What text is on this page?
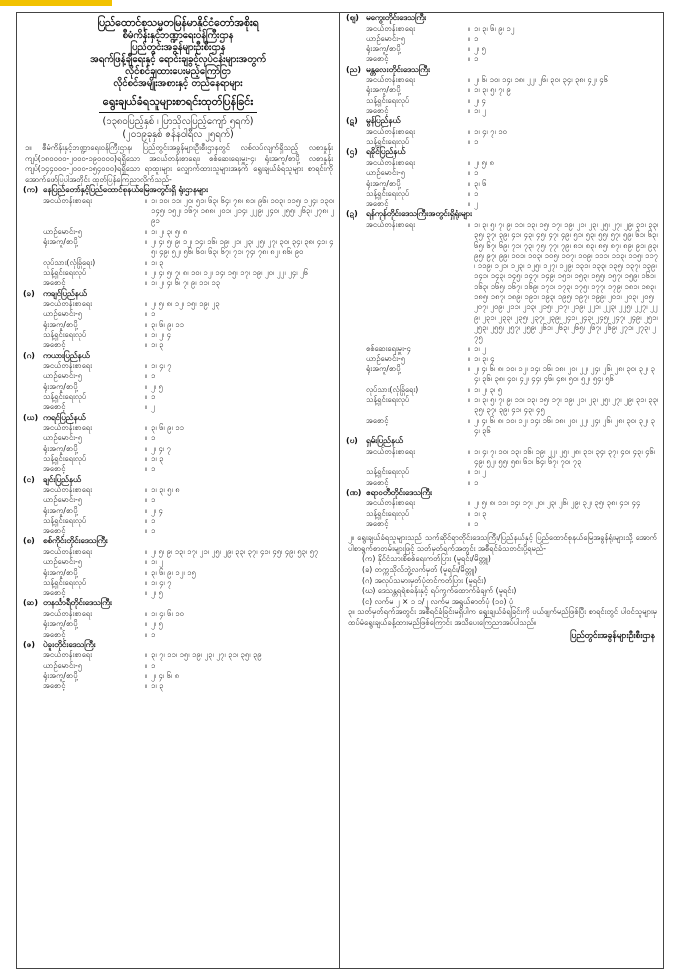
ပြည်ထောင်စုသမ္မတမြန်မာနိုင်ငံတော်အစိုးရ
စီမံကိန်းနှင့်ဘဏ္ဍာရေးဝန်ကြီးဌာန
ပြည်တွင်းအခွန်များဦးစီးဌာန
အရက်ဖြန့်ချီရေးနှင့် ရောင်းချခွင့်လုပ်ငန်းများအတွက်
လိုင်စင်ချထားပေးမည့်ကြော်ငြာ
လိုင်စင်အမျိုးအစားနှင့် တည်နေရာများ
ရွေးချယ်ခံရသူများစာရင်းထုတ်ပြန်ခြင်း
(၁၃၈၀ပြည့်နှစ် ၊ ပြာသိုလပြည့်ကျော် ၅ရက်)
(၂၀၁၉ခုနှစ် ဇန်နဝါရီလ ၂၅ရက်)
၁။ စီမံကိန်းနှင့်ဘဏ္ဍာရေးဝန်ကြီးဌာန၊ ပြည်တွင်းအခွန်များဦးစီးဌာနတွင် လစ်လပ်လျက်ရှိသည့် လစာနှုန်းကျပ်(၁၈၀၀၀၀-၂၀၀၀-၁၉၀၀၀၀)ရရှိသော အငယ်တန်းစာရေး၊ စစ်ဆေးရေးမှူး-၄၊ ရုံးအကူ/စာပို့ လစာနှုန်းကျပ်(၁၄၄၀၀၀-၂၀၀၀-၁၅၄၀၀၀)ရရှိသော ရာထူးများ လျှောက်ထားသူများအနက် ရွေးချယ်ခံရသူများ စာရင်းကို အောက်ဖော်ပြပါအတိုင်း ထုတ်ပြန်ကြေညာလိုက်သည်-
(က) နေပြည်တော်နှင့်ပြည်ထောင်စုနယ်မြေအတွင်းရှိ ရုံးဌာနများ
အငယ်တန်းစာရေး	။ ၁၊ ၁၀၊ ၁၁၊ ၂၀၊ ၅၁၊ ၆၃၊ ၆၄၊ ၇၈၊ ၈၁၊ ၉၆၊ ၁၀၃၊ ၁၁၅၊ ၁၂၄၊ ၁၃၀၊ ၁၄၅၊ ၁၅၂၊ ၁၆၇၊ ၁၈၈၊ ၂၀၁၊ ၂၁၄၊ ၂၂၉၊ ၂၄၀၊ ၂၅၅၊ ၂၆၃၊ ၂၇၈၊ ၂၉၁
ယာဉ်မောင်း-၅	။ ၁၊ ၂၊ ၃၊ ၅၊ ၈
ရုံးအကူ/စာပို့	။ ၂၊ ၄၊ ၅၊ ၉၊ ၁၂၊ ၁၄၊ ၁၆၊ ၁၉၊ ၂၁၊ ၂၃၊ ၂၅၊ ၂၇၊ ၃၀၊ ၃၄၊ ၃၈၊ ၄၁၊ ၄၅၊ ၄၉၊ ၅၂၊ ၅၆၊ ၆၀၊ ၆၃၊ ၆၇၊ ၇၁၊ ၇၄၊ ၇၈၊ ၈၂၊ ၈၆၊ ၉၀
လုပ်သား(လုံခြုံရေး)	။ ၁၊ ၃
သန့်ရှင်းရေးလုပ်	။ ၂၊ ၄၊ ၅၊ ၇၊ ၈၊ ၁၀၊ ၁၂၊ ၁၄၊ ၁၅၊ ၁၇၊ ၁၉၊ ၂၀၊ ၂၂၊ ၂၄၊ ၂၆
အစောင့်	။ ၁၊ ၂၊ ၄၊ ၆၊ ၇၊ ၉၊ ၁၁၊ ၁၃
(ခ)	ကချင်ပြည်နယ်
အငယ်တန်းစာရေး	။ ၂၊ ၅၊ ၈၊ ၁၂၊ ၁၅၊ ၁၉၊ ၂၃
ယာဉ်မောင်း-၅	။ ၁
ရုံးအကူ/စာပို့	။ ၃၊ ၆၊ ၉၊ ၁၁
သန့်ရှင်းရေးလုပ်	။ ၁၊ ၂၊ ၄
အစောင့်	။ ၁၊ ၃
(ဂ)	ကယားပြည်နယ်
အငယ်တန်းစာရေး	။ ၁၊ ၄၊ ၇
ယာဉ်မောင်း-၅	။ ၁
ရုံးအကူ/စာပို့	။ ၂၊ ၅
သန့်ရှင်းရေးလုပ်	။ ၁
အစောင့်	။ ၂
(ဃ) ကရင်ပြည်နယ်
အငယ်တန်းစာရေး	။ ၃၊ ၆၊ ၉၊ ၁၁
ယာဉ်မောင်း-၅	။ ၁
ရုံးအကူ/စာပို့	။ ၂၊ ၄၊ ၇
သန့်ရှင်းရေးလုပ်	။ ၁၊ ၃
အစောင့်	။ ၁
(င)	ချင်းပြည်နယ်
အငယ်တန်းစာရေး	။ ၁၊ ၃၊ ၅၊ ၈
ယာဉ်မောင်း-၅	။ ၁
ရုံးအကူ/စာပို့	။ ၂၊ ၄
သန့်ရှင်းရေးလုပ်	။ ၁
အစောင့်	။ ၁
(စ)	စစ်ကိုင်းတိုင်းဒေသကြီး
အငယ်တန်းစာရေး	။ ၂၊ ၅၊ ၉၊ ၁၃၊ ၁၇၊ ၂၁၊ ၂၅၊ ၂၉၊ ၃၃၊ ၃၇၊ ၄၁၊ ၄၅၊ ၄၉၊ ၅၃၊ ၅၇
ယာဉ်မောင်း-၅	။ ၁၊ ၂
ရုံးအကူ/စာပို့	။ ၃၊ ၆၊ ၉၊ ၁၂၊ ၁၅
သန့်ရှင်းရေးလုပ်	။ ၁၊ ၄၊ ၇
အစောင့်	။ ၂၊ ၅
(ဆ) တနင်္သာရီတိုင်းဒေသကြီး
အငယ်တန်းစာရေး	။ ၁၊ ၄၊ ၆၊ ၁၀
ရုံးအကူ/စာပို့	။ ၂၊ ၅
အစောင့်	။ ၁
(ဇ) ပဲခူးတိုင်းဒေသကြီး
အငယ်တန်းစာရေး	။ ၃၊ ၇၊ ၁၁၊ ၁၅၊ ၁၉၊ ၂၃၊ ၂၇၊ ၃၁၊ ၃၅၊ ၃၉
ယာဉ်မောင်း-၅	။ ၁
ရုံးအကူ/စာပို့	။ ၂၊ ၄၊ ၆၊ ၈
အစောင့်	။ ၁၊ ၃
(ဈ) မကွေးတိုင်းဒေသကြီး
အငယ်တန်းစာရေး	။ ၁၊ ၃၊ ၆၊ ၉၊ ၁၂
ယာဉ်မောင်း-၅	။ ၁
ရုံးအကူ/စာပို့	။ ၂၊ ၅
အစောင့်	။ ၁
(ည) မန္တလေးတိုင်းဒေသကြီး
အငယ်တန်းစာရေး	။ ၂၊ ၆၊ ၁၀၊ ၁၄၊ ၁၈၊ ၂၂၊ ၂၆၊ ၃၀၊ ၃၄၊ ၃၈၊ ၄၂၊ ၄၆
ရုံးအကူ/စာပို့	။ ၁၊ ၃၊ ၅၊ ၇၊ ၉
သန့်ရှင်းရေးလုပ်	။ ၂၊ ၄
အစောင့်	။ ၁၊ ၂
(ဋ)	မွန်ပြည်နယ်
အငယ်တန်းစာရေး	။ ၁၊ ၄၊ ၇၊ ၁၀
သန့်ရှင်းရေးလုပ်	။ ၁
(ဌ)	ရခိုင်ပြည်နယ်
အငယ်တန်းစာရေး	။ ၂၊ ၅၊ ၈
ယာဉ်မောင်း-၅	။ ၁
ရုံးအကူ/စာပို့	။ ၃၊ ၆
သန့်ရှင်းရေးလုပ်	။ ၁
အစောင့်	။ ၂
(ဍ)	ရန်ကုန်တိုင်းဒေသကြီးအတွင်းရှိရုံးများ
အငယ်တန်းစာရေး	။ ၁၊ ၃၊ ၅၊ ၇၊ ၉၊ ၁၁၊ ၁၃၊ ၁၅၊ ၁၇၊ ၁၉၊ ၂၁၊ ၂၃၊ ၂၅၊ ၂၇၊ ၂၉၊ ၃၁၊ ၃၃၊ ၃၅၊ ၃၇၊ ၃၉၊ ၄၁၊ ၄၃၊ ၄၅၊ ၄၇၊ ၄၉၊ ၅၁၊ ၅၃၊ ၅၅၊ ၅၇၊ ၅၉၊ ၆၁၊ ၆၃၊ ၆၅၊ ၆၇၊ ၆၉၊ ၇၁၊ ၇၃၊ ၇၅၊ ၇၇၊ ၇၉၊ ၈၁၊ ၈၃၊ ၈၅၊ ၈၇၊ ၈၉၊ ၉၁၊ ၉၃၊ ၉၅၊ ၉၇၊ ၉၉၊ ၁၀၁၊ ၁၀၃၊ ၁၀၅၊ ၁၀၇၊ ၁၀၉၊ ၁၁၁၊ ၁၁၃၊ ၁၁၅၊ ၁၁၇၊ ၁၁၉၊ ၁၂၁၊ ၁၂၃၊ ၁၂၅၊ ၁၂၇၊ ၁၂၉၊ ၁၃၁၊ ၁၃၃၊ ၁၃၅၊ ၁၃၇၊ ၁၃၉၊ ၁၄၁၊ ၁၄၃၊ ၁၄၅၊ ၁၄၇၊ ၁၄၉၊ ၁၅၁၊ ၁၅၃၊ ၁၅၅၊ ၁၅၇၊ ၁၅၉၊ ၁၆၁၊ ၁၆၃၊ ၁၆၅၊ ၁၆၇၊ ၁၆၉၊ ၁၇၁၊ ၁၇၃၊ ၁၇၅၊ ၁၇၇၊ ၁၇၉၊ ၁၈၁၊ ၁၈၃၊ ၁၈၅၊ ၁၈၇၊ ၁၈၉၊ ၁၉၁၊ ၁၉၃၊ ၁၉၅၊ ၁၉၇၊ ၁၉၉၊ ၂၀၁၊ ၂၀၃၊ ၂၀၅၊ ၂၀၇၊ ၂၀၉၊ ၂၁၁၊ ၂၁၃၊ ၂၁၅၊ ၂၁၇၊ ၂၁၉၊ ၂၂၁၊ ၂၂၃၊ ၂၂၅၊ ၂၂၇၊ ၂၂၉၊ ၂၃၁၊ ၂၃၃၊ ၂၃၅၊ ၂၃၇၊ ၂၃၉၊ ၂၄၁၊ ၂၄၃၊ ၂၄၅၊ ၂၄၇၊ ၂၄၉၊ ၂၅၁၊ ၂၅၃၊ ၂၅၅၊ ၂၅၇၊ ၂၅၉၊ ၂၆၁၊ ၂၆၃၊ ၂၆၅၊ ၂၆၇၊ ၂၆၉၊ ၂၇၁၊ ၂၇၃၊ ၂၇၅
စစ်ဆေးရေးမှူး-၄	။ ၁၊ ၂
ယာဉ်မောင်း-၅	။ ၁၊ ၃၊ ၄
ရုံးအကူ/စာပို့	။ ၂၊ ၄၊ ၆၊ ၈၊ ၁၀၊ ၁၂၊ ၁၄၊ ၁၆၊ ၁၈၊ ၂၀၊ ၂၂၊ ၂၄၊ ၂၆၊ ၂၈၊ ၃၀၊ ၃၂၊ ၃၄၊ ၃၆၊ ၃၈၊ ၄၀၊ ၄၂၊ ၄၄၊ ၄၆၊ ၄၈၊ ၅၀၊ ၅၂၊ ၅၄၊ ၅၆
လုပ်သား(လုံခြုံရေး)	။ ၁၊ ၂၊ ၃၊ ၅
သန့်ရှင်းရေးလုပ်	။ ၁၊ ၃၊ ၅၊ ၇၊ ၉၊ ၁၁၊ ၁၃၊ ၁၅၊ ၁၇၊ ၁၉၊ ၂၁၊ ၂၃၊ ၂၅၊ ၂၇၊ ၂၉၊ ၃၁၊ ၃၃၊ ၃၅၊ ၃၇၊ ၃၉၊ ၄၁၊ ၄၃၊ ၄၅
အစောင့်	။ ၂၊ ၄၊ ၆၊ ၈၊ ၁၀၊ ၁၂၊ ၁၄၊ ၁၆၊ ၁၈၊ ၂၀၊ ၂၂၊ ၂၄၊ ၂၆၊ ၂၈၊ ၃၀၊ ၃၂၊ ၃၄၊ ၃၆
(ဎ)	ရှမ်းပြည်နယ်
အငယ်တန်းစာရေး	။ ၁၊ ၄၊ ၇၊ ၁၀၊ ၁၃၊ ၁၆၊ ၁၉၊ ၂၂၊ ၂၅၊ ၂၈၊ ၃၁၊ ၃၄၊ ၃၇၊ ၄၀၊ ၄၃၊ ၄၆၊ ၄၉၊ ၅၂၊ ၅၅၊ ၅၈၊ ၆၁၊ ၆၄၊ ၆၇၊ ၇၀၊ ၇၃
သန့်ရှင်းရေးလုပ်	။ ၁၊ ၂
အစောင့်	။ ၁
(ဏ) ဧရာဝတီတိုင်းဒေသကြီး
အငယ်တန်းစာရေး	။ ၂၊ ၅၊ ၈၊ ၁၁၊ ၁၄၊ ၁၇၊ ၂၀၊ ၂၃၊ ၂၆၊ ၂၉၊ ၃၂၊ ၃၅၊ ၃၈၊ ၄၁၊ ၄၄
သန့်ရှင်းရေးလုပ်	။ ၁၊ ၃
အစောင့်	။ ၁
၂။ ရွေးချယ်ခံရသူများသည် သက်ဆိုင်ရာတိုင်းဒေသကြီး/ပြည်နယ်နှင့် ပြည်ထောင်စုနယ်မြေအခွန်ရုံးများသို့ အောက်ပါစာရွက်စာတမ်းများဖြင့် သတ်မှတ်ရက်အတွင်း အစီရင်ခံသတင်းပို့ရမည်-
(က) နိုင်ငံသားစိစစ်ရေးကတ်ပြား (မူရင်း/မိတ္တူ)
(ခ) တက္ကသိုလ်ဘွဲ့လက်မှတ် (မူရင်း/မိတ္တူ)
(ဂ) အလုပ်သမားမှတ်ပုံတင်ကတ်ပြား (မူရင်း)
(ဃ) ဒေသန္တရရဲစခန်းနှင့် ရပ်ကွက်ထောက်ခံချက် (မူရင်း)
(င) လက်မ ၂ × ၁ ၁/၂ လက်မ အရွယ်ဓာတ်ပုံ (၁၀) ပုံ
၃။ သတ်မှတ်ရက်အတွင်း အစီရင်ခံခြင်းမရှိပါက ရွေးချယ်ခံရခြင်းကို ပယ်ဖျက်မည်ဖြစ်ပြီး စာရင်းတွင် ပါဝင်သူများမှ ထပ်မံရွေးချယ်ခန့်ထားမည်ဖြစ်ကြောင်း အသိပေးကြေညာအပ်ပါသည်။
ပြည်တွင်းအခွန်များဦးစီးဌာန
